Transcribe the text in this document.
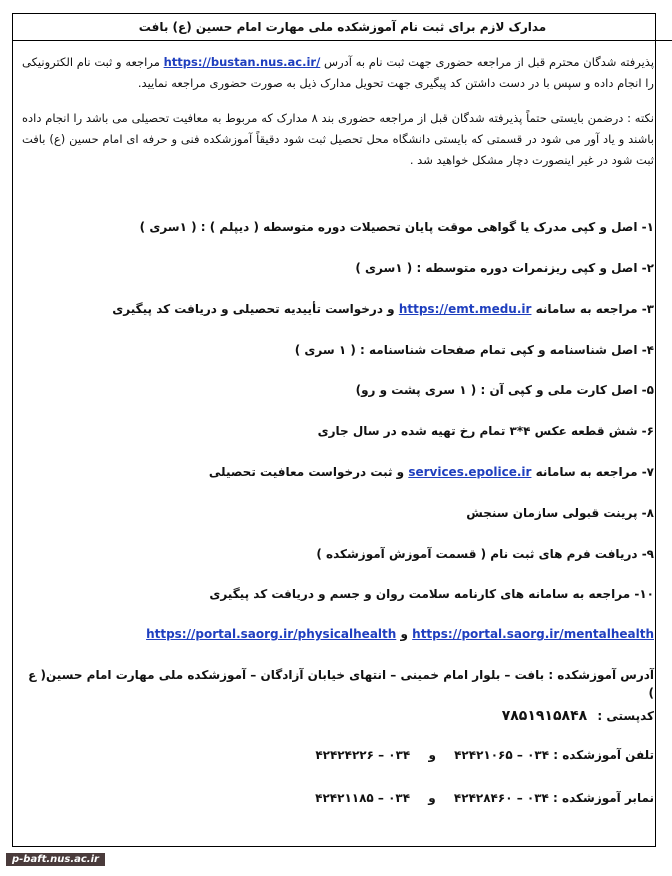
مدارک لازم برای ثبت نام آموزشکده ملی مهارت امام حسین (ع) بافت

پذیرفته شدگان محترم قبل از مراجعه حضوری جهت ثبت نام به آدرس https://bustan.nus.ac.ir/ مراجعه و ثبت نام الکترونیکی را انجام داده و سپس با در دست داشتن کد پیگیری جهت تحویل مدارک ذیل به صورت حضوری مراجعه نمایید.

نکته : درضمن بایستی حتماً پذیرفته شدگان قبل از مراجعه حضوری بند ۸ مدارک که مربوط به معافیت تحصیلی می باشد را انجام داده باشند و یاد آور می شود در قسمتی که بایستی دانشگاه محل تحصیل ثبت شود دقیقاً آموزشکده فنی و حرفه ای امام حسین (ع) بافت ثبت شود در غیر اینصورت دچار مشکل خواهید شد .

۱- اصل و کپی مدرک یا گواهی موقت پایان تحصیلات دوره متوسطه ( دیپلم ) : ( ۱سری )
۲- اصل و کپی ریزنمرات دوره متوسطه : ( ۱سری )
۳- مراجعه به سامانه https://emt.medu.ir و درخواست تأییدیه تحصیلی و دریافت کد پیگیری
۴- اصل شناسنامه و کپی تمام صفحات شناسنامه : ( ۱ سری )
۵- اصل کارت ملی و کپی آن : ( ۱ سری پشت و رو)
۶- شش قطعه عکس ۴*۳ تمام رخ تهیه شده در سال جاری
۷- مراجعه به سامانه services.epolice.ir و ثبت درخواست معافیت تحصیلی
۸- پرینت قبولی سازمان سنجش
۹- دریافت فرم های ثبت نام ( قسمت آموزش آموزشکده )
۱۰- مراجعه به سامانه های کارنامه سلامت روان و جسم و دریافت کد پیگیری
https://portal.saorg.ir/mentalhealth و https://portal.saorg.ir/physicalhealth
آدرس آموزشکده : بافت – بلوار امام خمینی – انتهای خیابان آزادگان – آموزشکده ملی مهارت امام حسین( ع )
کدپستی : ۷۸۵۱۹۱۵۸۴۸
تلفن آموزشکده : ۰۳۴ – ۴۲۴۲۱۰۶۵ و ۰۳۴ – ۴۲۴۲۴۲۲۶
نمابر آموزشکده : ۰۳۴ – ۴۲۴۲۸۴۶۰ و ۰۳۴ – ۴۲۴۲۱۱۸۵
p-baft.nus.ac.ir
